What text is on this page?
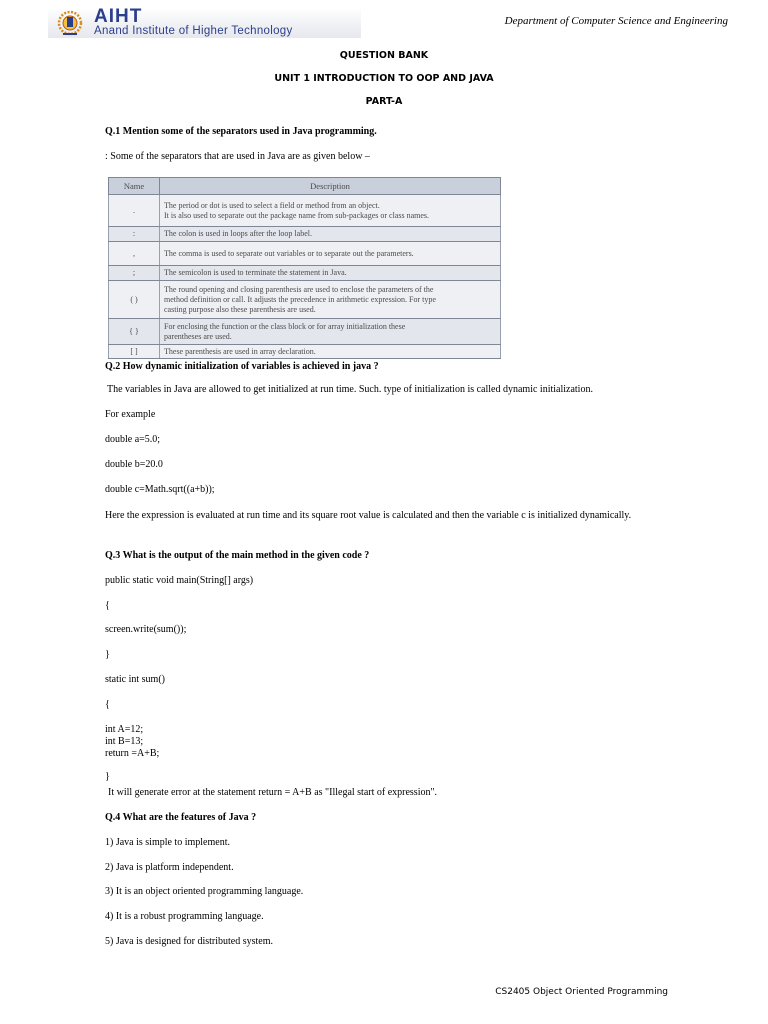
AIHT
Anand Institute of Higher Technology
Department of Computer Science and Engineering
QUESTION BANK
UNIT 1 INTRODUCTION TO OOP AND JAVA
PART-A
Q.1 Mention some of the separators used in Java programming.
: Some of the separators that are used in Java are as given below –
Name	Description
.	The period or dot is used to select a field or method from an object.
It is also used to separate out the package name from sub-packages or class names.

:	The colon is used in loops after the loop label.

,	The comma is used to separate out variables or to separate out the parameters.

;	The semicolon is used to terminate the statement in Java.

( )	The round opening and closing parenthesis are used to enclose the parameters of the
method definition or call. It adjusts the precedence in arithmetic expression. For type
casting purpose also these parenthesis are used.

{ }	For enclosing the function or the class block or for array initialization these
parentheses are used.

[ ]	These parenthesis are used in array declaration.
Q.2 How dynamic initialization of variables is achieved in java ?
The variables in Java are allowed to get initialized at run time. Such. type of initialization is called dynamic initialization.
For example
double a=5.0;
double b=20.0
double c=Math.sqrt((a+b));
Here the expression is evaluated at run time and its square root value is calculated and then the variable c is initialized dynamically.
Q.3 What is the output of the main method in the given code ?
public static void main(String[] args)
{
screen.write(sum());
}
static int sum()
{
int A=12;
int B=13;
return =A+B;
}
It will generate error at the statement return = A+B as "Illegal start of expression".
Q.4 What are the features of Java ?
1) Java is simple to implement.
2) Java is platform independent.
3) It is an object oriented programming language.
4) It is a robust programming language.
5) Java is designed for distributed system.
CS2405 Object Oriented Programming
